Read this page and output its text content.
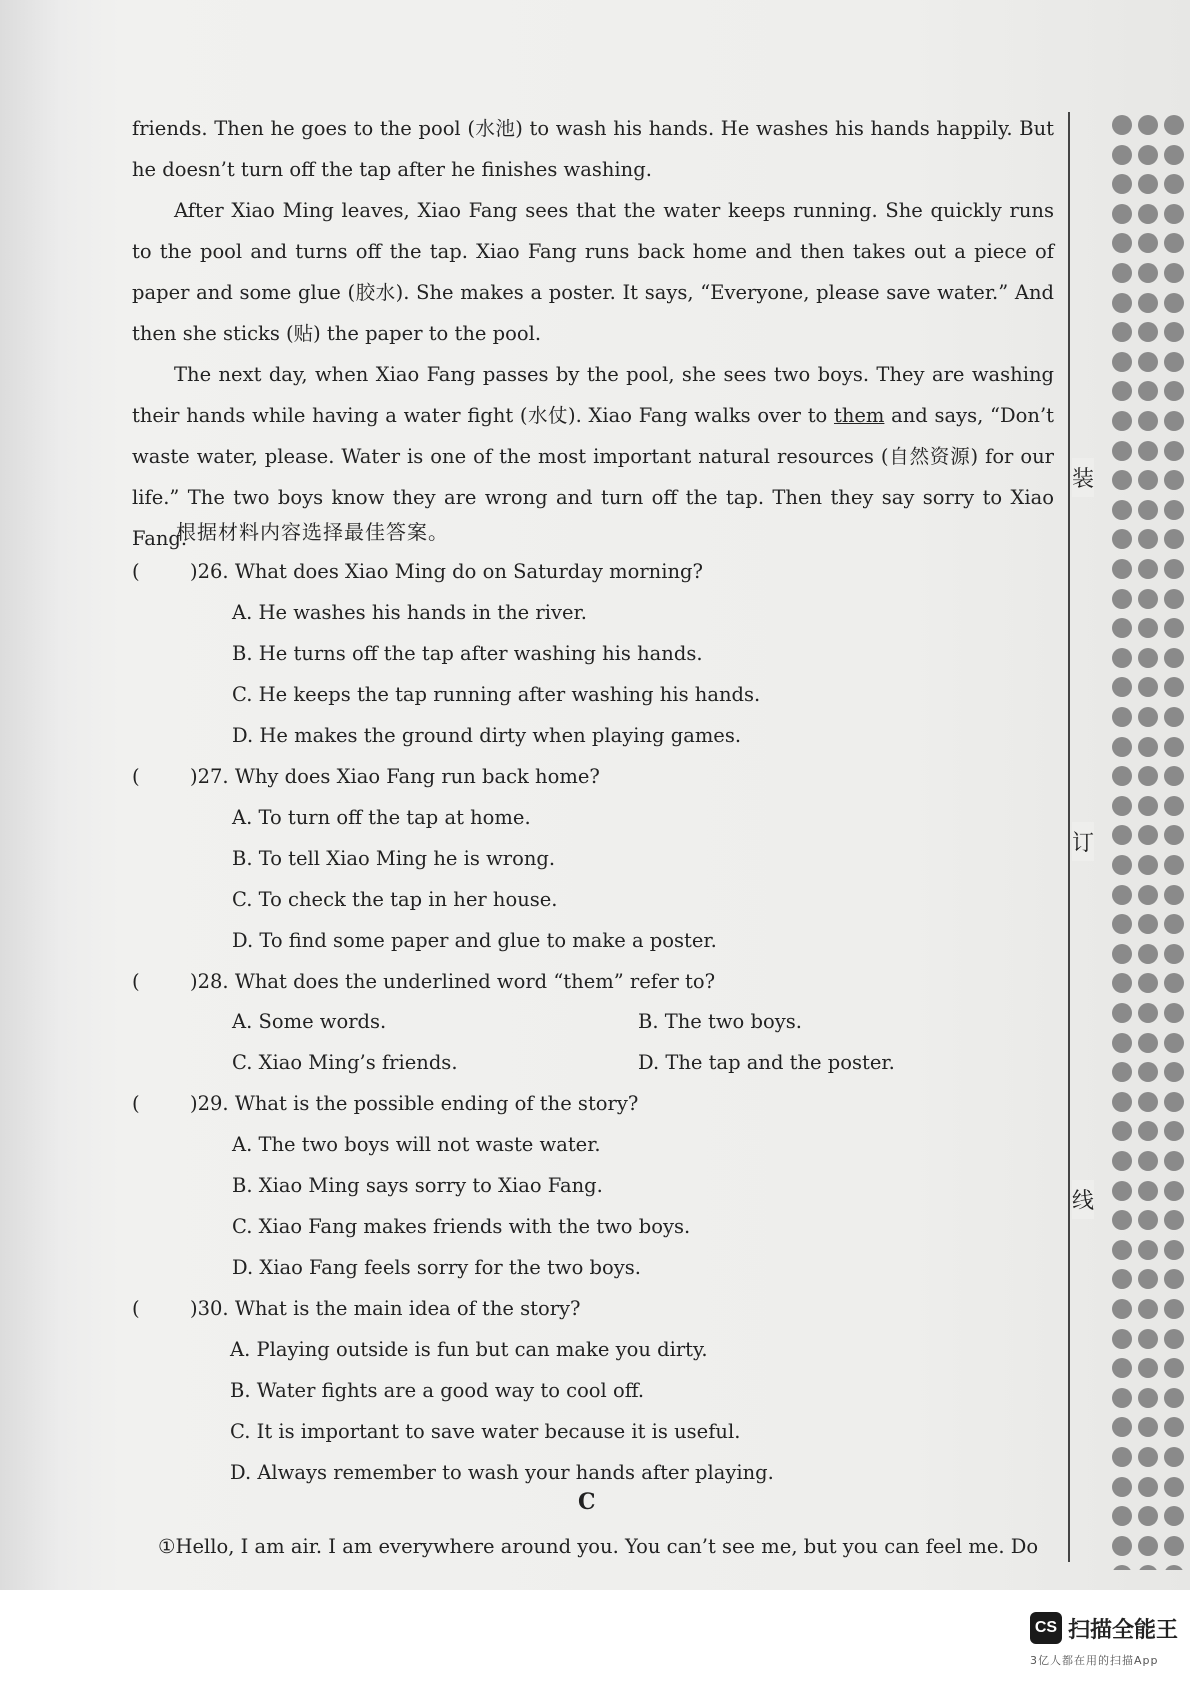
friends. Then he goes to the pool (水池) to wash his hands. He washes his hands happily. But he doesn’t turn off the tap after he finishes washing.

After Xiao Ming leaves, Xiao Fang sees that the water keeps running. She quickly runs to the pool and turns off the tap. Xiao Fang runs back home and then takes out a piece of paper and some glue (胶水). She makes a poster. It says, “Everyone, please save water.” And then she sticks (贴) the paper to the pool.

The next day, when Xiao Fang passes by the pool, she sees two boys. They are washing their hands while having a water fight (水仗). Xiao Fang walks over to them and says, “Don’t waste water, please. Water is one of the most important natural resources (自然资源) for our life.” The two boys know they are wrong and turn off the tap. Then they say sorry to Xiao Fang.

根据材料内容选择最佳答案。
(	)26. What does Xiao Ming do on Saturday morning?
A. He washes his hands in the river.
B. He turns off the tap after washing his hands.
C. He keeps the tap running after washing his hands.
D. He makes the ground dirty when playing games.
(	)27. Why does Xiao Fang run back home?
A. To turn off the tap at home.
B. To tell Xiao Ming he is wrong.
C. To check the tap in her house.
D. To find some paper and glue to make a poster.
(	)28. What does the underlined word “them” refer to?
A. Some words.	B. The two boys.
C. Xiao Ming’s friends.	D. The tap and the poster.
(	)29. What is the possible ending of the story?
A. The two boys will not waste water.
B. Xiao Ming says sorry to Xiao Fang.
C. Xiao Fang makes friends with the two boys.
D. Xiao Fang feels sorry for the two boys.
(	)30. What is the main idea of the story?
A. Playing outside is fun but can make you dirty.
B. Water fights are a good way to cool off.
C. It is important to save water because it is useful.
D. Always remember to wash your hands after playing.
C
①Hello, I am air. I am everywhere around you. You can’t see me, but you can feel me. Do
装
订
线
CS 扫描全能王
3亿人都在用的扫描App
